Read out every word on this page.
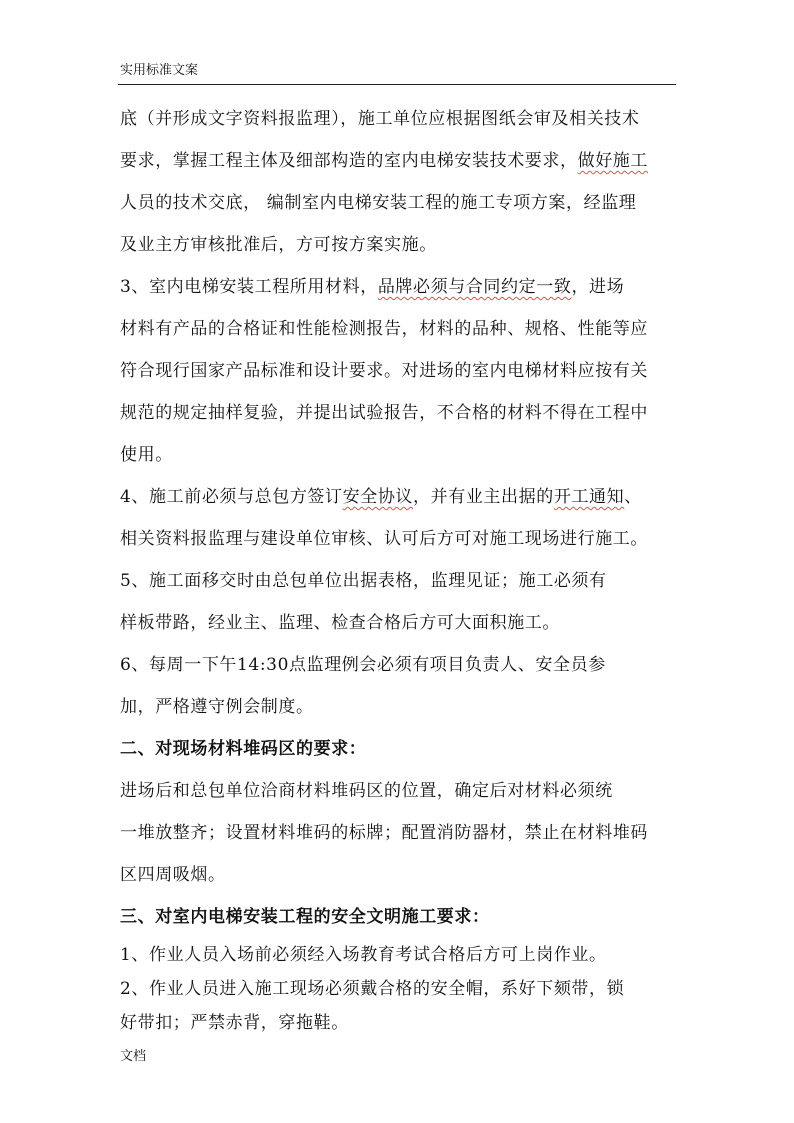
实用标准文案
底（并形成文字资料报监理），施工单位应根据图纸会审及相关技术
要求，掌握工程主体及细部构造的室内电梯安装技术要求，做好施工
人员的技术交底， 编制室内电梯安装工程的施工专项方案，经监理
及业主方审核批准后，方可按方案实施。
3、室内电梯安装工程所用材料，品牌必须与合同约定一致，进场
材料有产品的合格证和性能检测报告，材料的品种、规格、性能等应
符合现行国家产品标准和设计要求。对进场的室内电梯材料应按有关
规范的规定抽样复验，并提出试验报告，不合格的材料不得在工程中
使用。
4、施工前必须与总包方签订安全协议，并有业主出据的开工通知、
相关资料报监理与建设单位审核、认可后方可对施工现场进行施工。
5、施工面移交时由总包单位出据表格，监理见证；施工必须有
样板带路，经业主、监理、检查合格后方可大面积施工。
6、每周一下午14:30点监理例会必须有项目负责人、安全员参
加，严格遵守例会制度。
二、对现场材料堆码区的要求：
进场后和总包单位洽商材料堆码区的位置，确定后对材料必须统
一堆放整齐；设置材料堆码的标牌；配置消防器材，禁止在材料堆码
区四周吸烟。
三、对室内电梯安装工程的安全文明施工要求：
1、作业人员入场前必须经入场教育考试合格后方可上岗作业。
2、作业人员进入施工现场必须戴合格的安全帽，系好下颏带，锁
好带扣；严禁赤背，穿拖鞋。
文档
